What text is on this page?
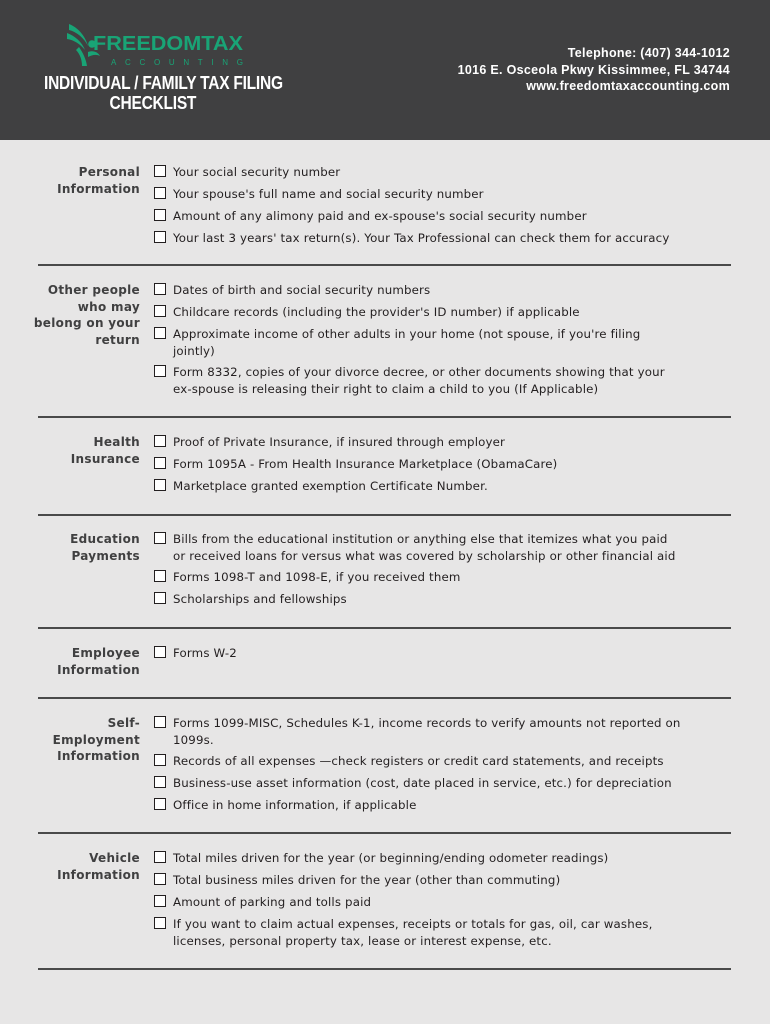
FREEDOMTAX
ACCOUNTING
INDIVIDUAL / FAMILY TAX FILING
CHECKLIST
Telephone: (407) 344-1012
1016 E. Osceola Pkwy Kissimmee, FL 34744
www.freedomtaxaccounting.com
Personal
Information
Your social security number
Your spouse's full name and social security number
Amount of any alimony paid and ex-spouse's social security number
Your last 3 years' tax return(s). Your Tax Professional can check them for accuracy
Other people
who may
belong on your
return
Dates of birth and social security numbers
Childcare records (including the provider's ID number) if applicable
Approximate income of other adults in your home (not spouse, if you're filing
jointly)
Form 8332, copies of your divorce decree, or other documents showing that your
ex-spouse is releasing their right to claim a child to you (If Applicable)
Health
Insurance
Proof of Private Insurance, if insured through employer
Form 1095A - From Health Insurance Marketplace (ObamaCare)
Marketplace granted exemption Certificate Number.
Education
Payments
Bills from the educational institution or anything else that itemizes what you paid
or received loans for versus what was covered by scholarship or other financial aid
Forms 1098-T and 1098-E, if you received them
Scholarships and fellowships
Employee
Information
Forms W-2
Self-
Employment
Information
Forms 1099-MISC, Schedules K-1, income records to verify amounts not reported on
1099s.
Records of all expenses —check registers or credit card statements, and receipts
Business-use asset information (cost, date placed in service, etc.) for depreciation
Office in home information, if applicable
Vehicle
Information
Total miles driven for the year (or beginning/ending odometer readings)
Total business miles driven for the year (other than commuting)
Amount of parking and tolls paid
If you want to claim actual expenses, receipts or totals for gas, oil, car washes,
licenses, personal property tax, lease or interest expense, etc.
